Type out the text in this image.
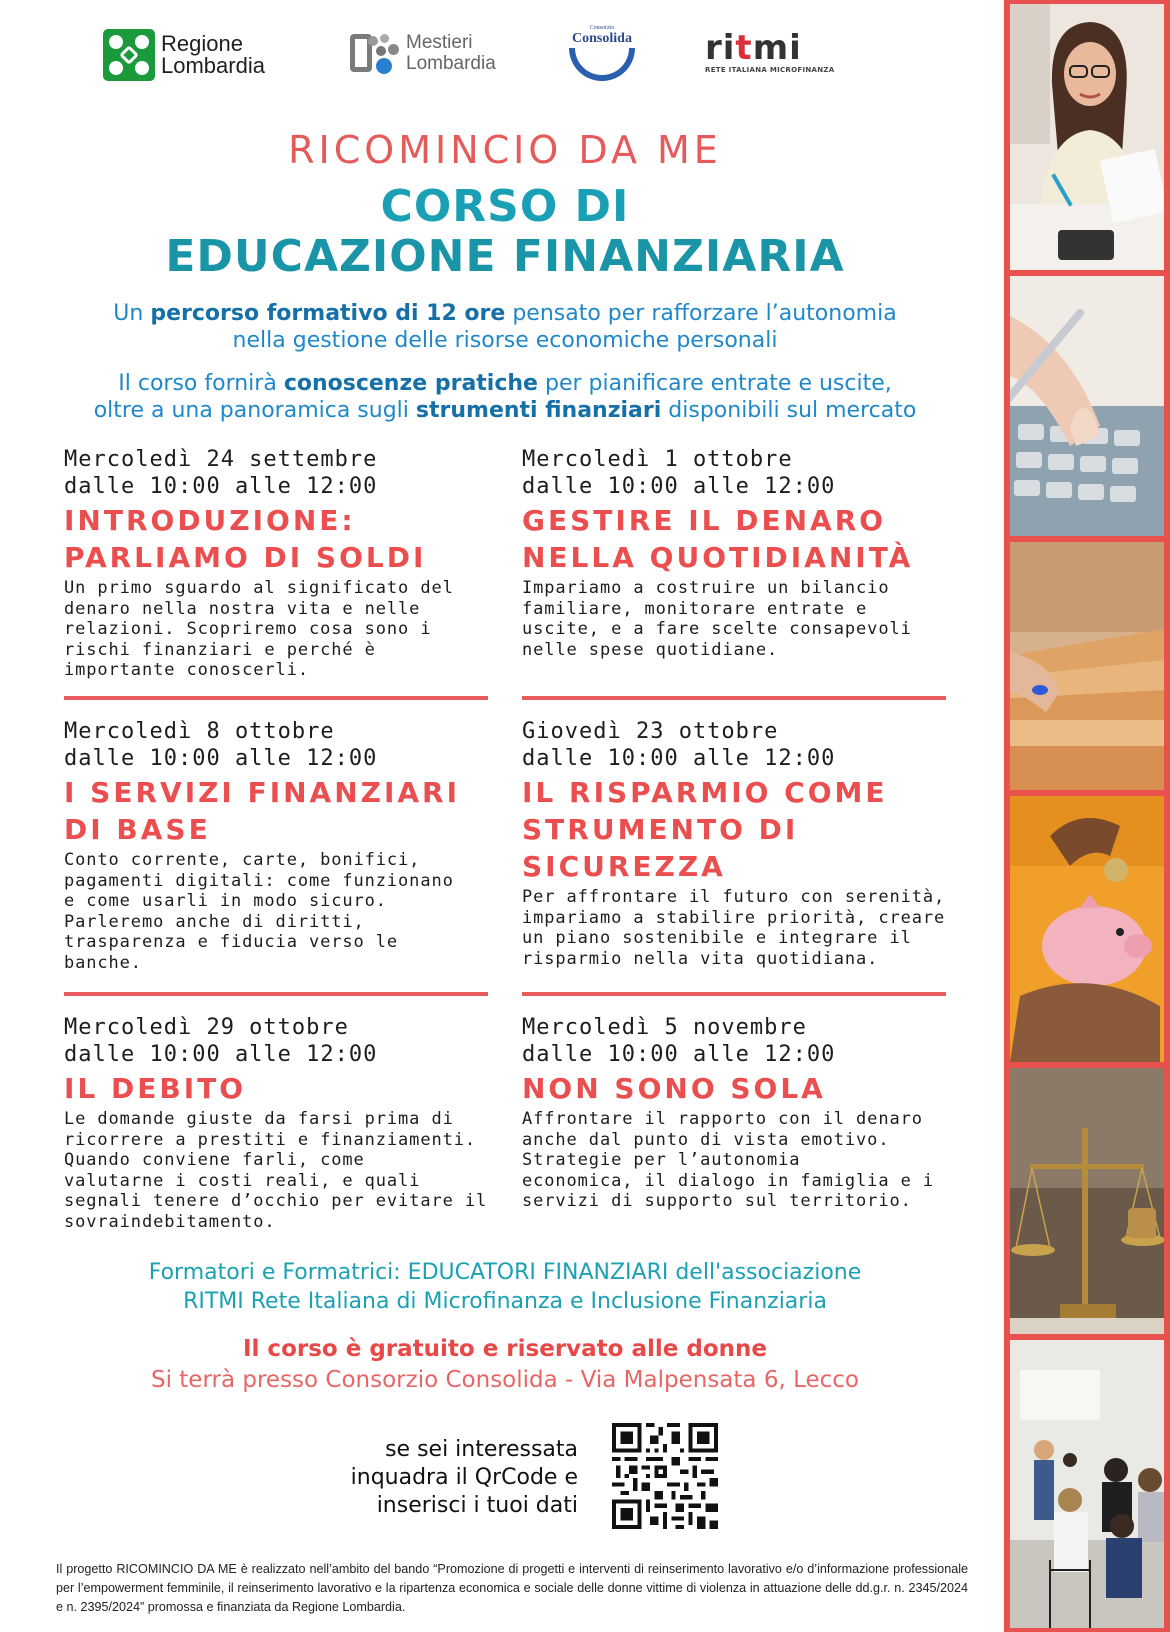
Regione
Lombardia
Mestieri
Lombardia
Consorzio
Consolida ritmi
RETE ITALIANA MICROFINANZA
RICOMINCIO DA ME
CORSO DI
EDUCAZIONE FINANZIARIA
Un percorso formativo di 12 ore pensato per rafforzare l’autonomia
nella gestione delle risorse economiche personali
Il corso fornirà conoscenze pratiche per pianificare entrate e uscite,
oltre a una panoramica sugli strumenti finanziari disponibili sul mercato
Mercoledì 24 settembre
dalle 10:00 alle 12:00
INTRODUZIONE:
PARLIAMO DI SOLDI
Un primo sguardo al significato del
denaro nella nostra vita e nelle
relazioni. Scopriremo cosa sono i
rischi finanziari e perché è
importante conoscerli.
Mercoledì 1 ottobre
dalle 10:00 alle 12:00
GESTIRE IL DENARO
NELLA QUOTIDIANITÀ
Impariamo a costruire un bilancio
familiare, monitorare entrate e
uscite, e a fare scelte consapevoli
nelle spese quotidiane.
Mercoledì 8 ottobre
dalle 10:00 alle 12:00
I SERVIZI FINANZIARI
DI BASE
Conto corrente, carte, bonifici,
pagamenti digitali: come funzionano
e come usarli in modo sicuro.
Parleremo anche di diritti,
trasparenza e fiducia verso le
banche.
Giovedì 23 ottobre
dalle 10:00 alle 12:00
IL RISPARMIO COME
STRUMENTO DI
SICUREZZA
Per affrontare il futuro con serenità,
impariamo a stabilire priorità, creare
un piano sostenibile e integrare il
risparmio nella vita quotidiana.
Mercoledì 29 ottobre
dalle 10:00 alle 12:00
IL DEBITO
Le domande giuste da farsi prima di
ricorrere a prestiti e finanziamenti.
Quando conviene farli, come
valutarne i costi reali, e quali
segnali tenere d’occhio per evitare il
sovraindebitamento.
Mercoledì 5 novembre
dalle 10:00 alle 12:00
NON SONO SOLA
Affrontare il rapporto con il denaro
anche dal punto di vista emotivo.
Strategie per l’autonomia
economica, il dialogo in famiglia e i
servizi di supporto sul territorio.
Formatori e Formatrici: EDUCATORI FINANZIARI dell'associazione
RITMI Rete Italiana di Microfinanza e Inclusione Finanziaria
Il corso è gratuito e riservato alle donne
Si terrà presso Consorzio Consolida - Via Malpensata 6, Lecco
se sei interessata
inquadra il QrCode e
inserisci i tuoi dati
Il progetto RICOMINCIO DA ME è realizzato nell’ambito del bando “Promozione di progetti e interventi di reinserimento lavorativo e/o d’informazione professionale per l’empowerment femminile, il reinserimento lavorativo e la ripartenza economica e sociale delle donne vittime di violenza in attuazione delle dd.g.r. n. 2345/2024 e n. 2395/2024” promossa e finanziata da Regione Lombardia.
